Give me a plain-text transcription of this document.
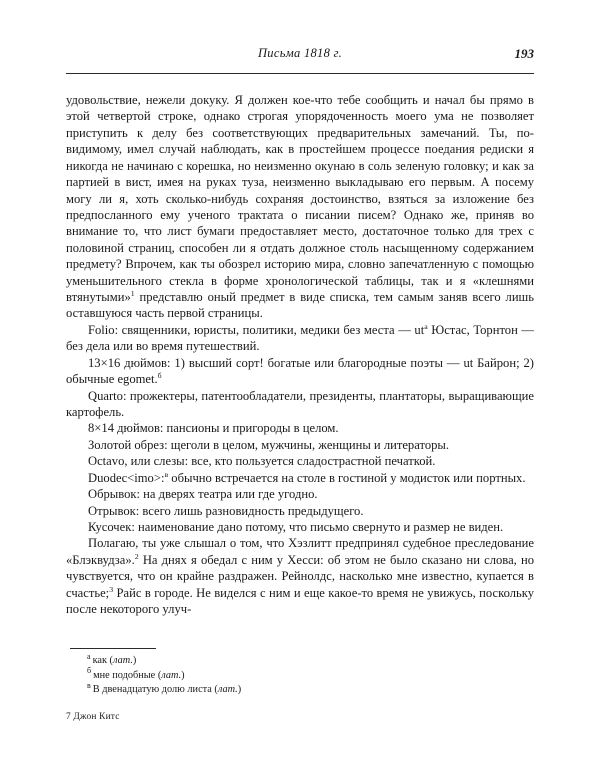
Письма 1818 г.	193

удовольствие, нежели докуку. Я должен кое-что тебе сообщить и начал бы прямо в этой четвертой строке, однако строгая упорядоченность моего ума не позволяет приступить к делу без соответствующих предварительных замечаний. Ты, по-видимому, имел случай наблюдать, как в простейшем процессе поедания редиски я никогда не начинаю с корешка, но неизменно окунаю в соль зеленую головку; и как за партией в вист, имея на руках туза, неизменно выкладываю его первым. А посему могу ли я, хоть сколько-нибудь сохраняя достоинство, взяться за изложение без предпосланного ему ученого трактата о писании писем? Однако же, приняв во внимание то, что лист бумаги предоставляет место, достаточное только для трех с половиной страниц, способен ли я отдать должное столь насыщенному содержанием предмету? Впрочем, как ты обозрел историю мира, словно запечатленную с помощью уменьшительного стекла в форме хронологической таблицы, так и я «клешнями втянутыми»$^1$ представлю оный предмет в виде списка, тем самым заняв всего лишь оставшуюся часть первой страницы.

Folio: священники, юристы, политики, медики без места — $ut^а$ Юстас, Торнтон — без дела или во время путешествий.

13×16 дюймов: 1) высший сорт! богатые или благородные поэты — ut Байрон; 2) обычные egomet.$^б$

Quarto: прожектеры, патентообладатели, президенты, плантаторы, выращивающие картофель.

8×14 дюймов: пансионы и пригороды в целом.

Золотой обрез: щеголи в целом, мужчины, женщины и литераторы.

Octavo, или слезы: все, кто пользуется сладострастной печаткой.

Duodec<imo>:$^в$ обычно встречается на столе в гостиной у модисток или портных.

Обрывок: на дверях театра или где угодно.

Отрывок: всего лишь разновидность предыдущего.

Кусочек: наименование дано потому, что письмо свернуто и размер не виден.

Полагаю, ты уже слышал о том, что Хэзлитт предпринял судебное преследование «Блэквудза».$^2$ На днях я обедал с ним у Хесси: об этом не было сказано ни слова, но чувствуется, что он крайне раздражен. Рейнолдс, насколько мне известно, купается в счастье;$^3$ Райс в городе. Не виделся с ним и еще какое-то время не увижусь, поскольку после некоторого улуч-

$^а$ как (лат.)
$^б$ мне подобные (лат.)
$^в$ В двенадцатую долю листа (лат.)
7 Джон Китс
